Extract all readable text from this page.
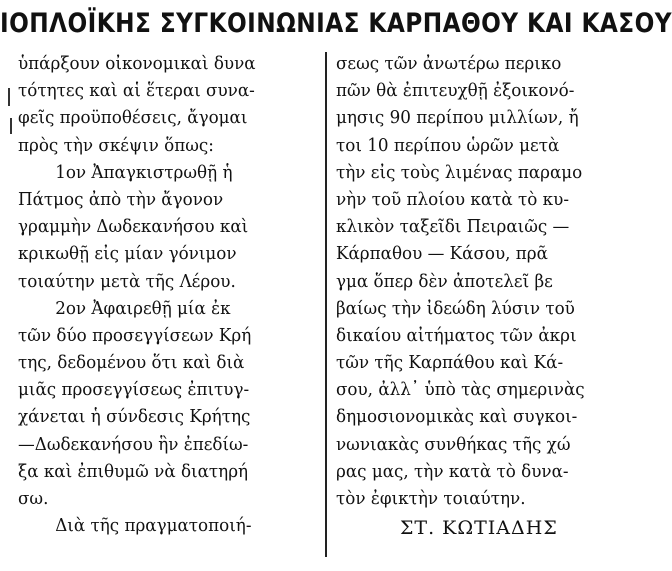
ΙΟΠΛΟΪΚΗΣ ΣΥΓΚΟΙΝΩΝΙΑΣ ΚΑΡΠΑΘΟΥ ΚΑΙ ΚΑΣΟΥ
ὑπάρξουν οἰκονομικαὶ δυνα
τότητες καὶ αἱ ἕτεραι συνα-
φεῖς προϋποθέσεις, ἄγομαι
πρὸς τὴν σκέψιν ὅπως:
1ον Ἀπαγκιστρωθῇ ἡ
Πάτμος ἀπὸ τὴν ἄγονον
γραμμὴν Δωδεκανήσου καὶ
κρικωθῇ εἰς μίαν γόνιμον
τοιαύτην μετὰ τῆς Λέρου.
2ον Ἀφαιρεθῇ μία ἐκ
τῶν δύο προσεγγίσεων Κρή
της, δεδομένου ὅτι καὶ διὰ
μιᾶς προσεγγίσεως ἐπιτυγ-
χάνεται ἡ σύνδεσις Κρήτης
—Δωδεκανήσου ἣν ἐπεδίω-
ξα καὶ ἐπιθυμῶ νὰ διατηρή
σω.
Διὰ τῆς πραγματοποιή-
σεως τῶν ἀνωτέρω περικο
πῶν θὰ ἐπιτευχθῇ ἐξοικονό-
μησις 90 περίπου μιλλίων, ἤ
τοι 10 περίπου ὡρῶν μετὰ
τὴν εἰς τοὺς λιμένας παραμο
νὴν τοῦ πλοίου κατὰ τὸ κυ-
κλικὸν ταξεῖδι Πειραιῶς —
Κάρπαθου — Κάσου, πρᾶ
γμα ὅπερ δὲν ἀποτελεῖ βε
βαίως τὴν ἰδεώδη λύσιν τοῦ
δικαίου αἰτήματος τῶν ἀκρι
τῶν τῆς Καρπάθου καὶ Κά-
σου, ἀλλ᾽ ὑπὸ τὰς σημερινὰς
δημοσιονομικὰς καὶ συγκοι-
νωνιακὰς συνθήκας τῆς χώ
ρας μας, τὴν κατὰ τὸ δυνα-
τὸν ἐφικτὴν τοιαύτην.
ΣΤ. ΚΩΤΙΑΔΗΣ
